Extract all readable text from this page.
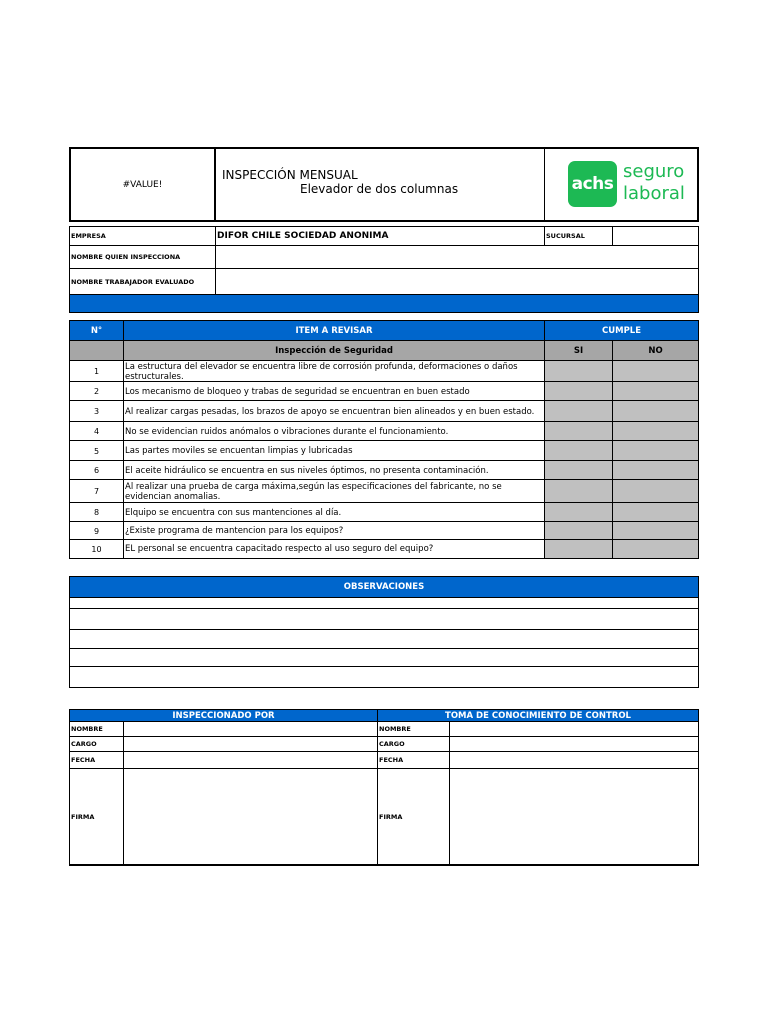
#VALUE!
INSPECCIÓN MENSUAL
Elevador de dos columnas	achs
seguro
laboral
EMPRESA	DIFOR CHILE SOCIEDAD ANONIMA	SUCURSAL
NOMBRE QUIEN INSPECCIONA
NOMBRE TRABAJADOR EVALUADO
N°	ITEM A REVISAR	CUMPLE
Inspección de Seguridad	SI	NO
1	La estructura del elevador se encuentra libre de corrosión profunda, deformaciones o daños estructurales.
2	Los mecanismo de bloqueo y trabas de seguridad se encuentran en buen estado
3	Al realizar cargas pesadas, los brazos de apoyo se encuentran bien alineados y en buen estado.
4	No se evidencian ruidos anómalos o vibraciones durante el funcionamiento.
5	Las partes moviles se encuentan limpias y lubricadas
6	El aceite hidráulico se encuentra en sus niveles óptimos, no presenta contaminación.
7	Al realizar una prueba de carga máxima,según las especificaciones del fabricante, no se evidencian anomalias.
8	Elquipo se encuentra con sus mantenciones al día.
9	¿Existe programa de mantencion para los equipos?
10	EL personal se encuentra capacitado respecto al uso seguro del equipo?
OBSERVACIONES
INSPECCIONADO POR	TOMA DE CONOCIMIENTO DE CONTROL
NOMBRE
CARGO
FECHA
FIRMA
NOMBRE
CARGO
FECHA
FIRMA
